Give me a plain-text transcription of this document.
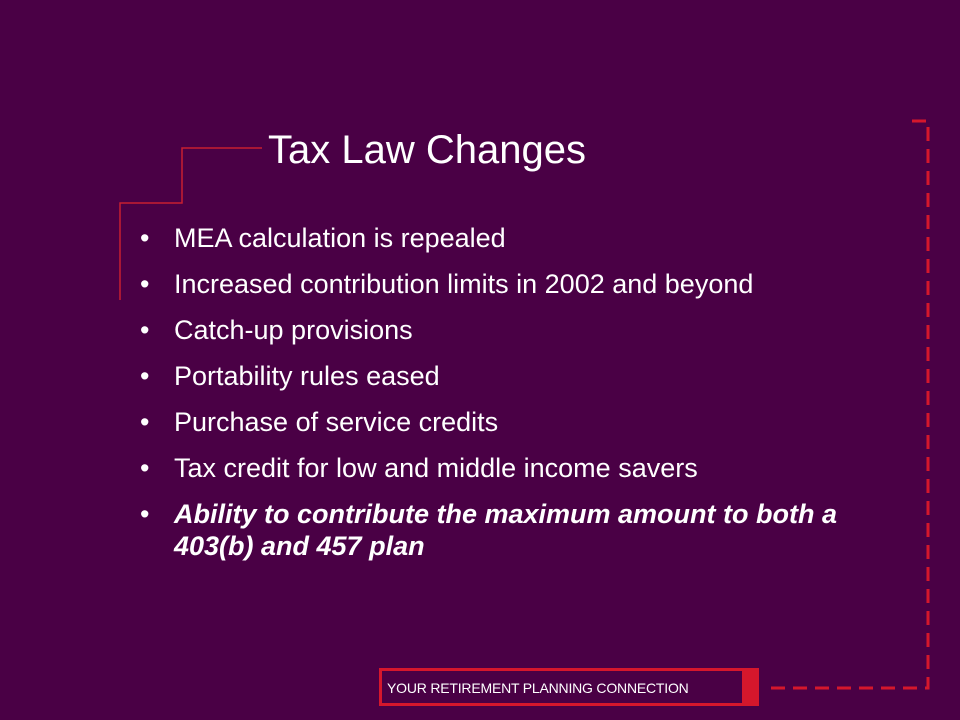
Tax Law Changes
• MEA calculation is repealed
• Increased contribution limits in 2002 and beyond
• Catch-up provisions
• Portability rules eased
• Purchase of service credits
• Tax credit for low and middle income savers
• Ability to contribute the maximum amount to both a 403(b) and 457 plan
YOUR RETIREMENT PLANNING CONNECTION
